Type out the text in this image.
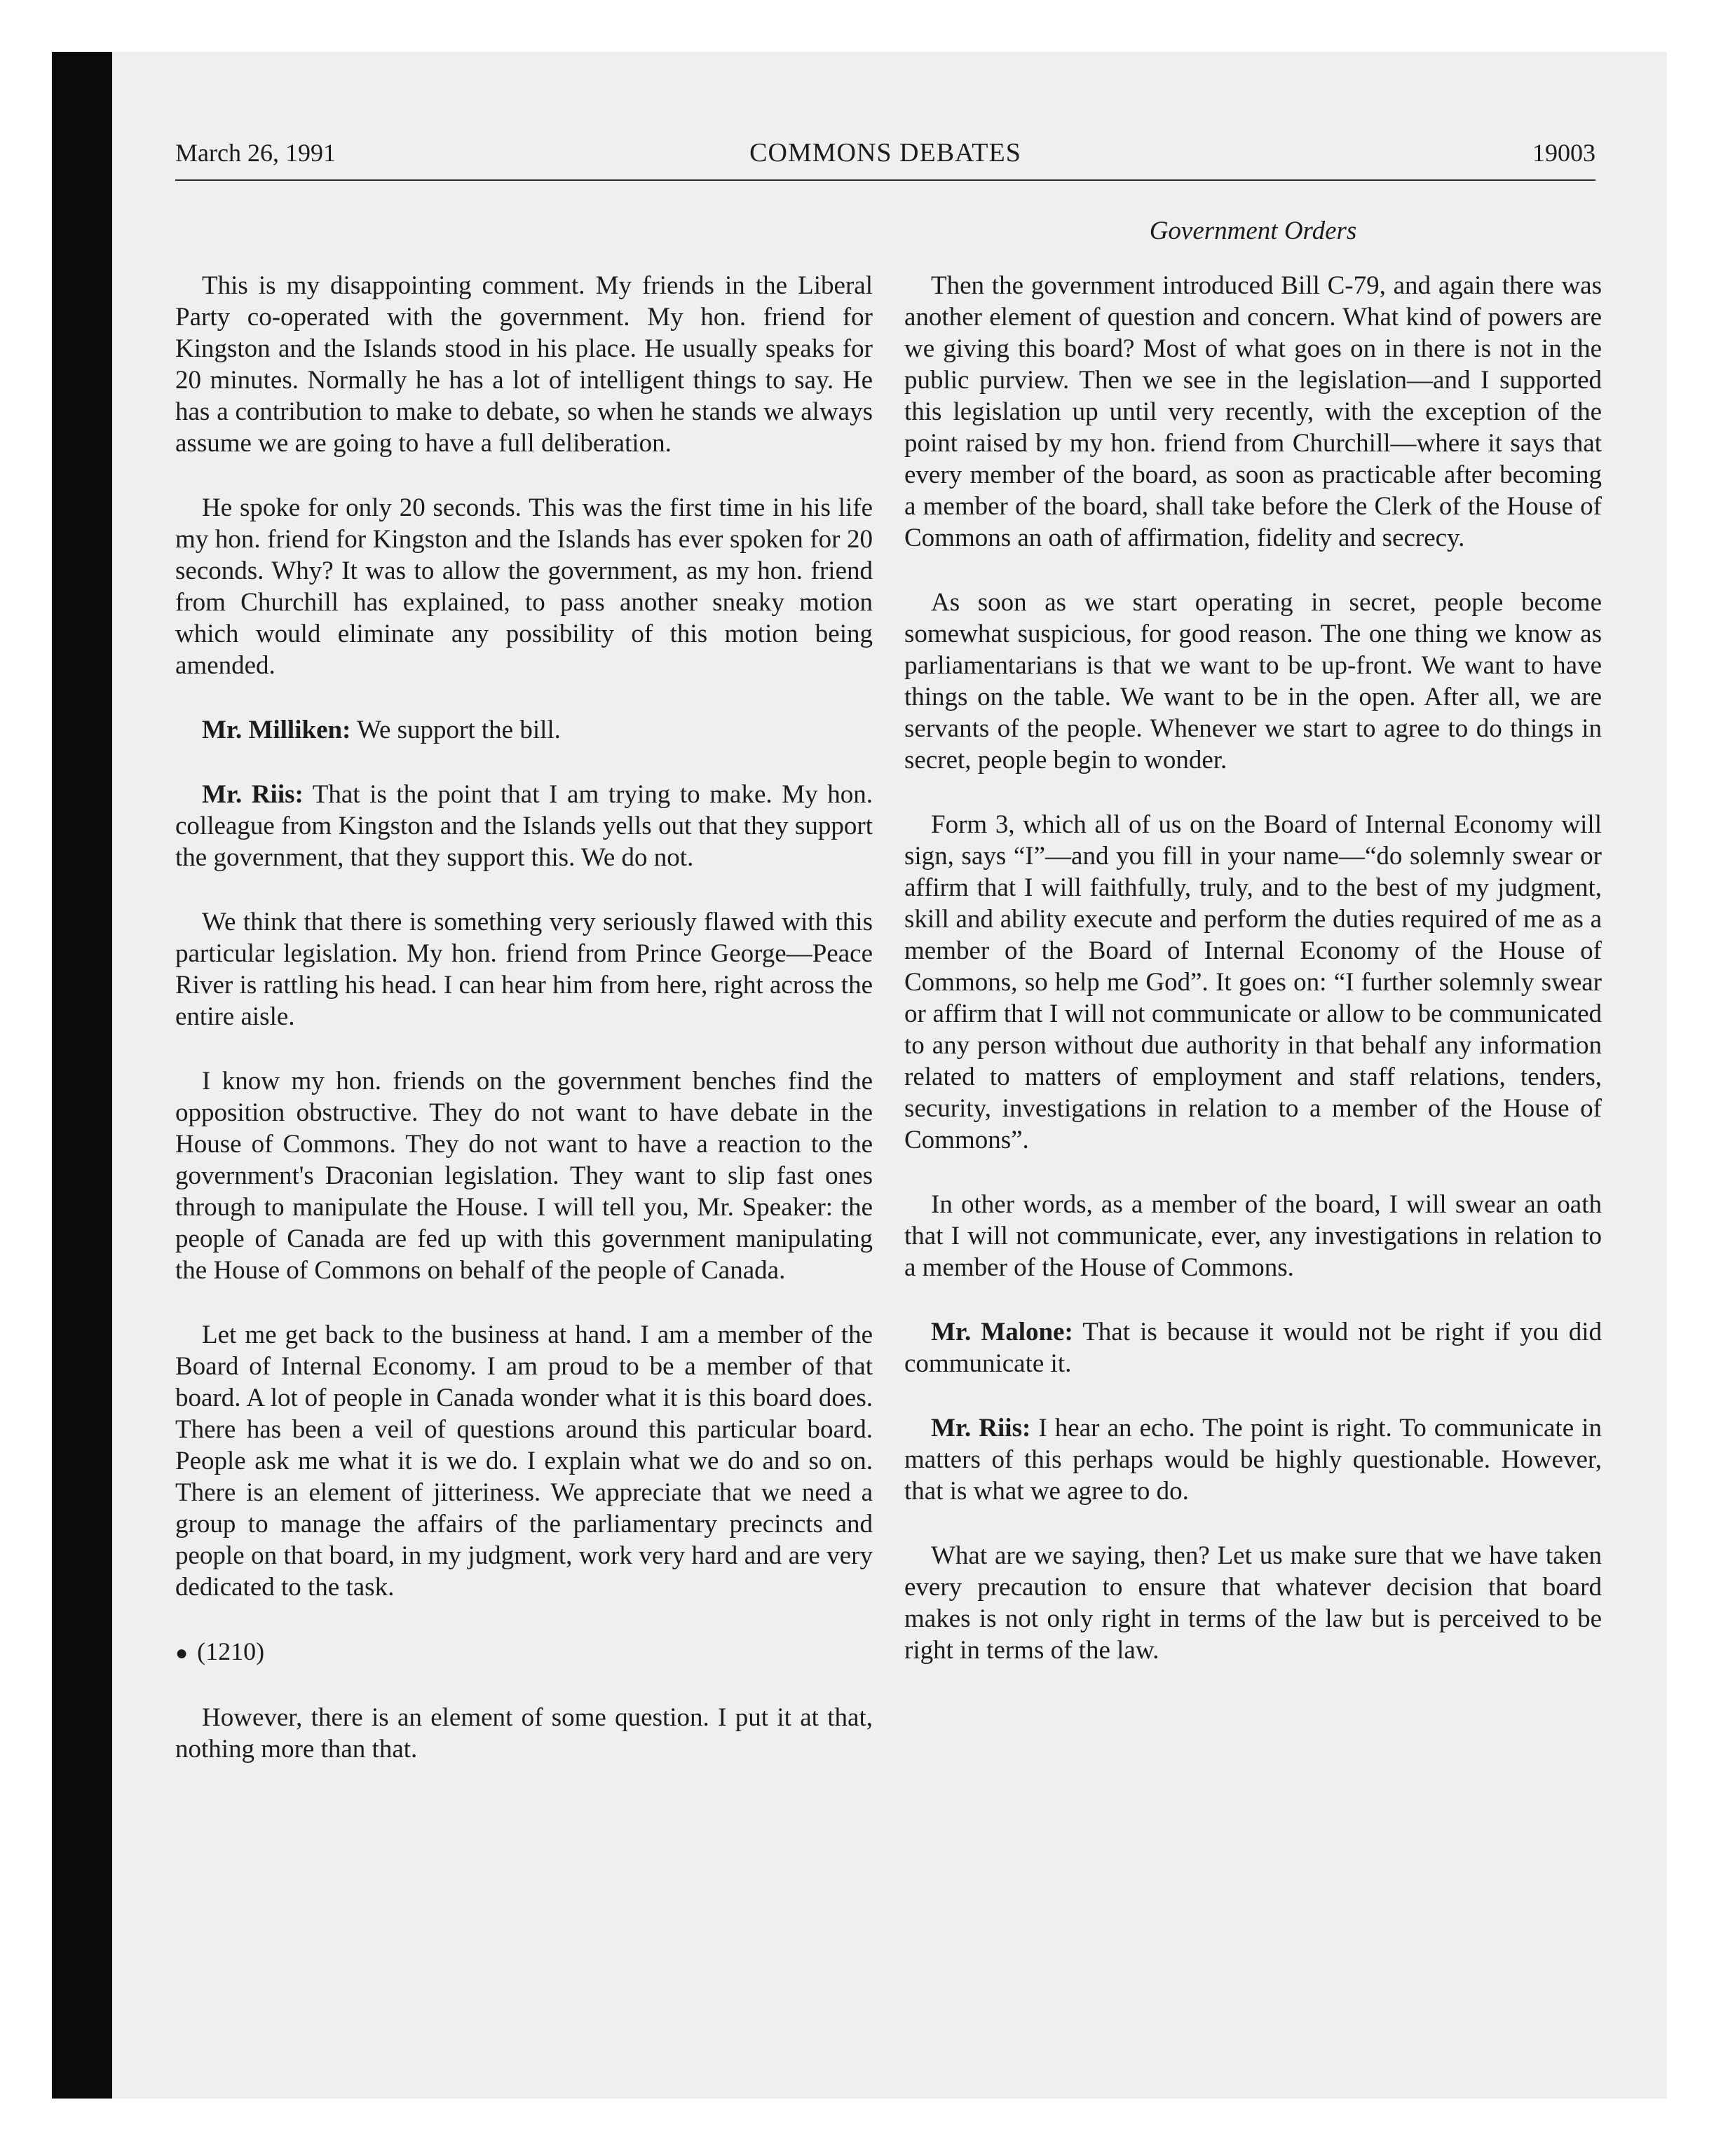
March 26, 1991	COMMONS DEBATES	19003
Government Orders

This is my disappointing comment. My friends in the Liberal Party co-operated with the government. My hon. friend for Kingston and the Islands stood in his place. He usually speaks for 20 minutes. Normally he has a lot of intelligent things to say. He has a contribution to make to debate, so when he stands we always assume we are going to have a full deliberation.

He spoke for only 20 seconds. This was the first time in his life my hon. friend for Kingston and the Islands has ever spoken for 20 seconds. Why? It was to allow the government, as my hon. friend from Churchill has explained, to pass another sneaky motion which would eliminate any possibility of this motion being amended.

Mr. Milliken: We support the bill.

Mr. Riis: That is the point that I am trying to make. My hon. colleague from Kingston and the Islands yells out that they support the government, that they support this. We do not.

We think that there is something very seriously flawed with this particular legislation. My hon. friend from Prince George—Peace River is rattling his head. I can hear him from here, right across the entire aisle.

I know my hon. friends on the government benches find the opposition obstructive. They do not want to have debate in the House of Commons. They do not want to have a reaction to the government's Draconian legislation. They want to slip fast ones through to manipulate the House. I will tell you, Mr. Speaker: the people of Canada are fed up with this government manipulating the House of Commons on behalf of the people of Canada.

Let me get back to the business at hand. I am a member of the Board of Internal Economy. I am proud to be a member of that board. A lot of people in Canada wonder what it is this board does. There has been a veil of questions around this particular board. People ask me what it is we do. I explain what we do and so on. There is an element of jitteriness. We appreciate that we need a group to manage the affairs of the parliamentary precincts and people on that board, in my judgment, work very hard and are very dedicated to the task.

● (1210)

However, there is an element of some question. I put it at that, nothing more than that.

Then the government introduced Bill C-79, and again there was another element of question and concern. What kind of powers are we giving this board? Most of what goes on in there is not in the public purview. Then we see in the legislation—and I supported this legislation up until very recently, with the exception of the point raised by my hon. friend from Churchill—where it says that every member of the board, as soon as practicable after becoming a member of the board, shall take before the Clerk of the House of Commons an oath of affirmation, fidelity and secrecy.

As soon as we start operating in secret, people become somewhat suspicious, for good reason. The one thing we know as parliamentarians is that we want to be up-front. We want to have things on the table. We want to be in the open. After all, we are servants of the people. Whenever we start to agree to do things in secret, people begin to wonder.

Form 3, which all of us on the Board of Internal Economy will sign, says “I”—and you fill in your name—“do solemnly swear or affirm that I will faithfully, truly, and to the best of my judgment, skill and ability execute and perform the duties required of me as a member of the Board of Internal Economy of the House of Commons, so help me God”. It goes on: “I further solemnly swear or affirm that I will not communicate or allow to be communicated to any person without due authority in that behalf any information related to matters of employment and staff relations, tenders, security, investigations in relation to a member of the House of Commons”.

In other words, as a member of the board, I will swear an oath that I will not communicate, ever, any investigations in relation to a member of the House of Commons.

Mr. Malone: That is because it would not be right if you did communicate it.

Mr. Riis: I hear an echo. The point is right. To communicate in matters of this perhaps would be highly questionable. However, that is what we agree to do.

What are we saying, then? Let us make sure that we have taken every precaution to ensure that whatever decision that board makes is not only right in terms of the law but is perceived to be right in terms of the law.
